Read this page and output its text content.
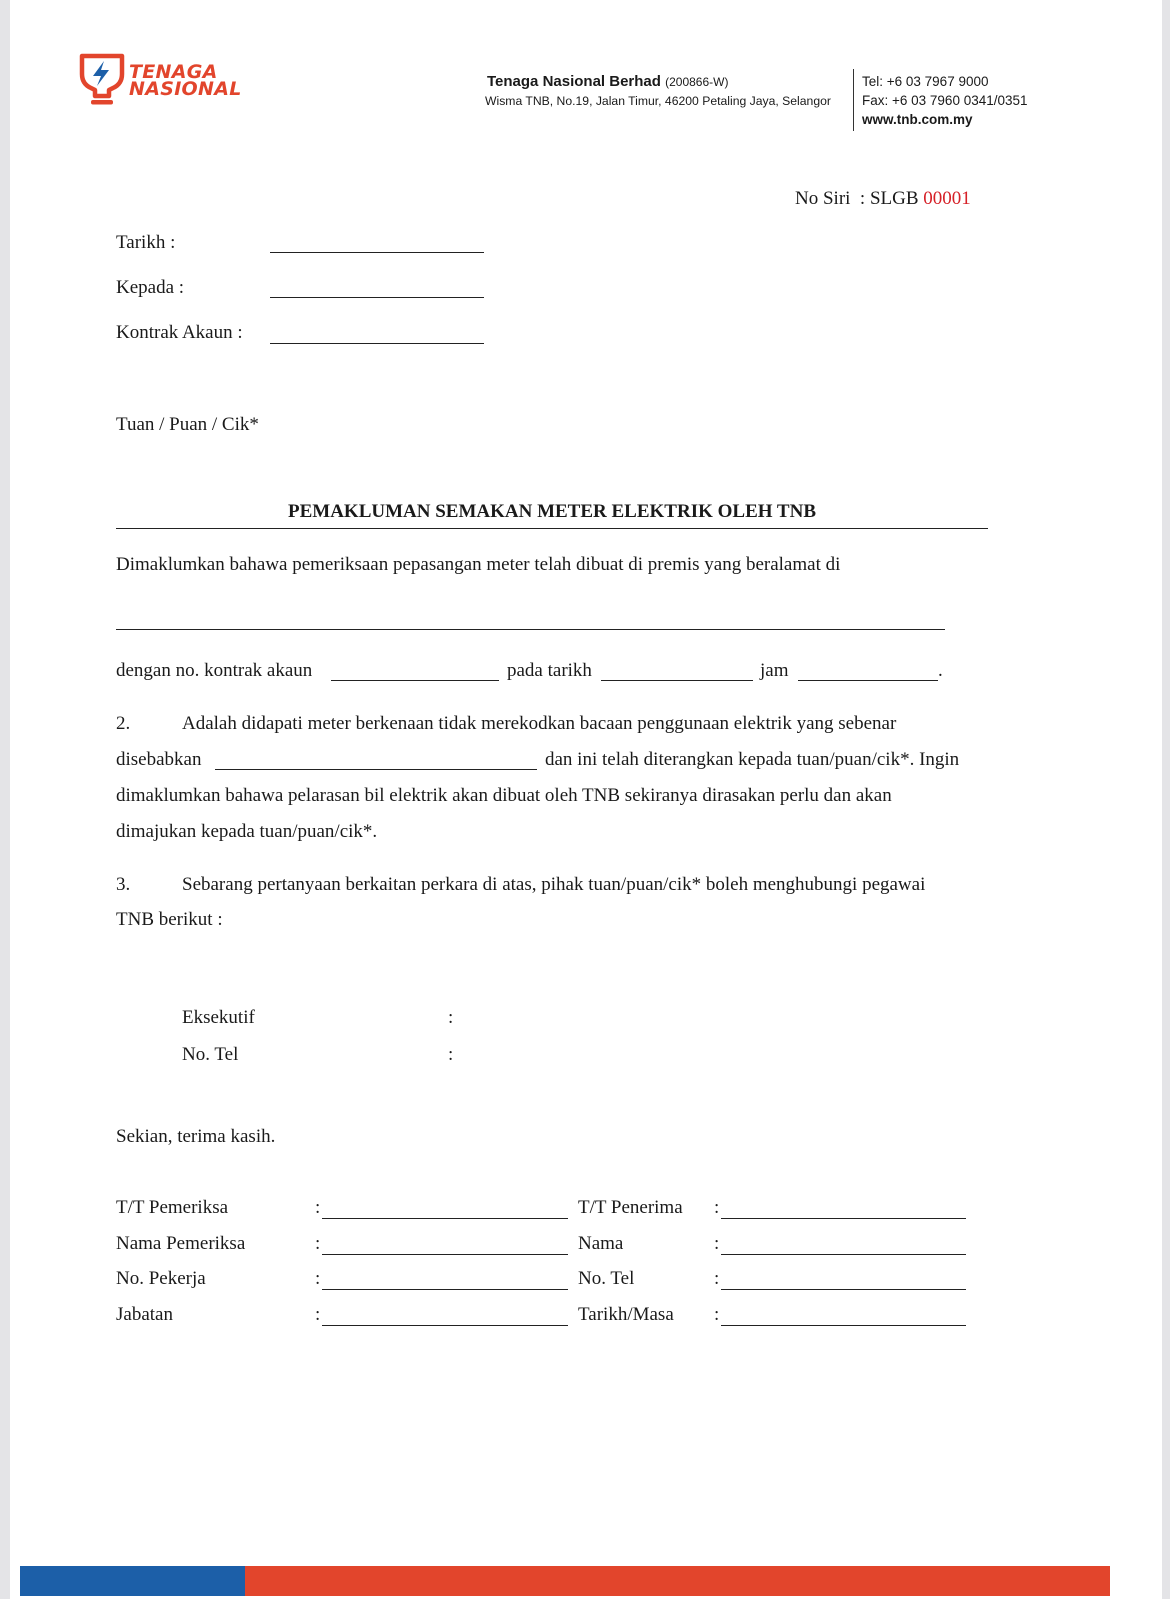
TENAGA
NASIONAL	Tenaga Nasional Berhad (200866-W)
Wisma TNB, No.19, Jalan Timur, 46200 Petaling Jaya, Selangor
Tel: +6 03 7967 9000
Fax: +6 03 7960 0341/0351
www.tnb.com.my
No Siri  : SLGB 00001
Tarikh :
Kepada :
Kontrak Akaun :
Tuan / Puan / Cik*
PEMAKLUMAN SEMAKAN METER ELEKTRIK OLEH TNB
Dimaklumkan bahawa pemeriksaan pepasangan meter telah dibuat di premis yang beralamat di
dengan no. kontrak akaun	pada tarikh	jam	.
2.	Adalah didapati meter berkenaan tidak merekodkan bacaan penggunaan elektrik yang sebenar
disebabkan	dan ini telah diterangkan kepada tuan/puan/cik*. Ingin
dimaklumkan bahawa pelarasan bil elektrik akan dibuat oleh TNB sekiranya dirasakan perlu dan akan
dimajukan kepada tuan/puan/cik*.
3.	Sebarang pertanyaan berkaitan perkara di atas, pihak tuan/puan/cik* boleh menghubungi pegawai
TNB berikut :
Eksekutif	:
No. Tel	:
Sekian, terima kasih.
T/T Pemeriksa	:	T/T Penerima :
Nama Pemeriksa	:	Nama	:
No. Pekerja	:	No. Tel	:
Jabatan	:	Tarikh/Masa :
